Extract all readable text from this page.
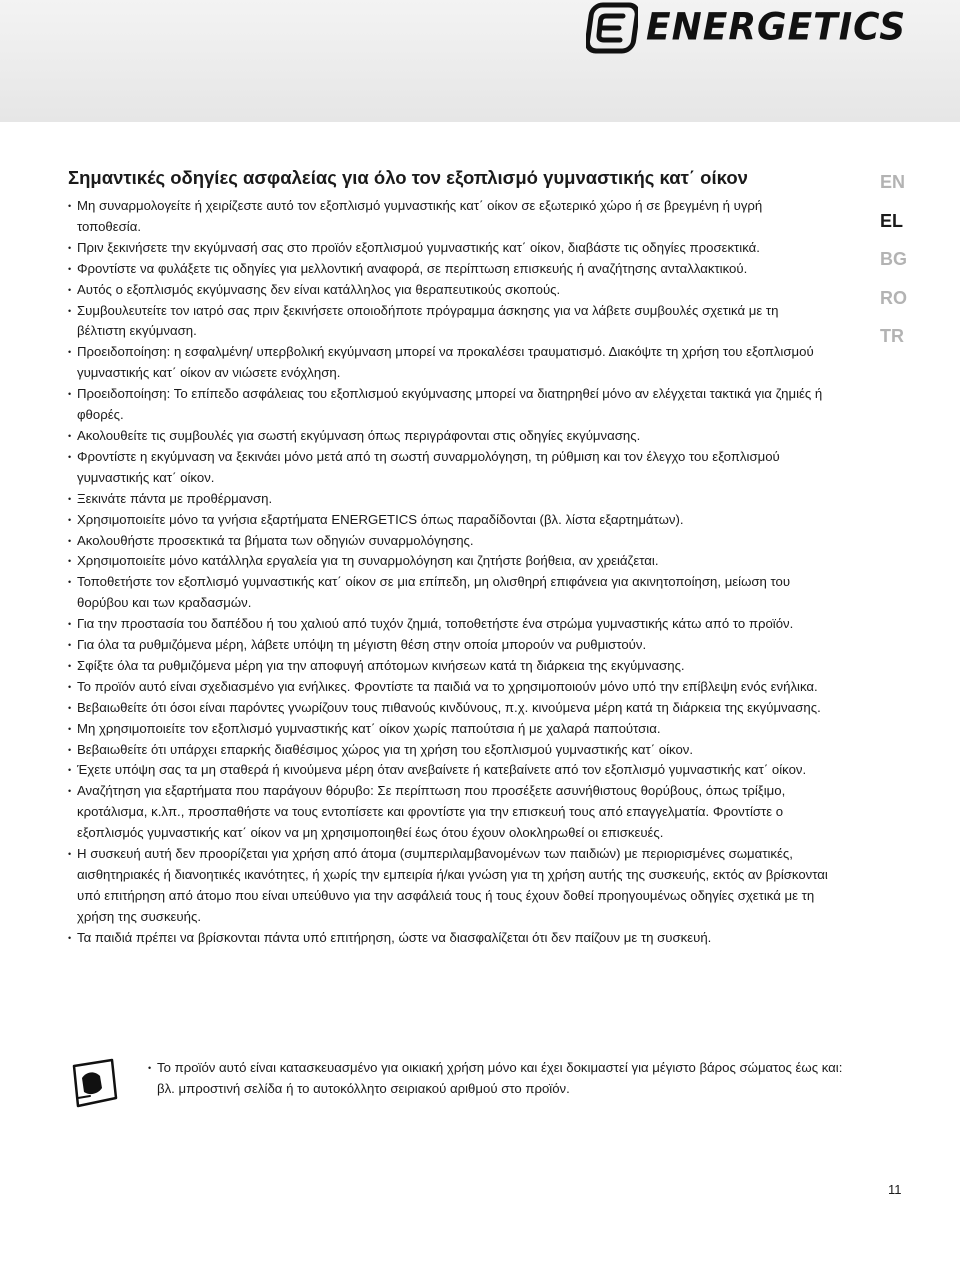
ENERGETICS
Σημαντικές οδηγίες ασφαλείας για όλο τον εξοπλισμό γυμναστικής κατ΄ οίκον
• Μη συναρμολογείτε ή χειρίζεστε αυτό τον εξοπλισμό γυμναστικής κατ΄ οίκον σε εξωτερικό χώρο ή σε βρεγμένη ή υγρή τοποθεσία.
• Πριν ξεκινήσετε την εκγύμνασή σας στο προϊόν εξοπλισμού γυμναστικής κατ΄ οίκον, διαβάστε τις οδηγίες προσεκτικά.
• Φροντίστε να φυλάξετε τις οδηγίες για μελλοντική αναφορά, σε περίπτωση επισκευής ή αναζήτησης ανταλλακτικού.
• Αυτός ο εξοπλισμός εκγύμνασης δεν είναι κατάλληλος για θεραπευτικούς σκοπούς.
• Συμβουλευτείτε τον ιατρό σας πριν ξεκινήσετε οποιοδήποτε πρόγραμμα άσκησης για να λάβετε συμβουλές σχετικά με τη βέλτιστη εκγύμναση.
• Προειδοποίηση: η εσφαλμένη/ υπερβολική εκγύμναση μπορεί να προκαλέσει τραυματισμό. Διακόψτε τη χρήση του εξοπλισμού γυμναστικής κατ΄ οίκον αν νιώσετε ενόχληση.
• Προειδοποίηση: Το επίπεδο ασφάλειας του εξοπλισμού εκγύμνασης μπορεί να διατηρηθεί μόνο αν ελέγχεται τακτικά για ζημιές ή φθορές.
• Ακολουθείτε τις συμβουλές για σωστή εκγύμναση όπως περιγράφονται στις οδηγίες εκγύμνασης.
• Φροντίστε η εκγύμναση να ξεκινάει μόνο μετά από τη σωστή συναρμολόγηση, τη ρύθμιση και τον έλεγχο του εξοπλισμού γυμναστικής κατ΄ οίκον.
• Ξεκινάτε πάντα με προθέρμανση.
• Χρησιμοποιείτε μόνο τα γνήσια εξαρτήματα ENERGETICS όπως παραδίδονται (βλ. λίστα εξαρτημάτων).
• Ακολουθήστε προσεκτικά τα βήματα των οδηγιών συναρμολόγησης.
• Χρησιμοποιείτε μόνο κατάλληλα εργαλεία για τη συναρμολόγηση και ζητήστε βοήθεια, αν χρειάζεται.
• Τοποθετήστε τον εξοπλισμό γυμναστικής κατ΄ οίκον σε μια επίπεδη, μη ολισθηρή επιφάνεια για ακινητοποίηση, μείωση του θορύβου και των κραδασμών.
• Για την προστασία του δαπέδου ή του χαλιού από τυχόν ζημιά, τοποθετήστε ένα στρώμα γυμναστικής κάτω από το προϊόν.
• Για όλα τα ρυθμιζόμενα μέρη, λάβετε υπόψη τη μέγιστη θέση στην οποία μπορούν να ρυθμιστούν.
• Σφίξτε όλα τα ρυθμιζόμενα μέρη για την αποφυγή απότομων κινήσεων κατά τη διάρκεια της εκγύμνασης.
• Το προϊόν αυτό είναι σχεδιασμένο για ενήλικες. Φροντίστε τα παιδιά να το χρησιμοποιούν μόνο υπό την επίβλεψη ενός ενήλικα.
• Βεβαιωθείτε ότι όσοι είναι παρόντες γνωρίζουν τους πιθανούς κινδύνους, π.χ. κινούμενα μέρη κατά τη διάρκεια της εκγύμνασης.
• Μη χρησιμοποιείτε τον εξοπλισμό γυμναστικής κατ΄ οίκον χωρίς παπούτσια ή με χαλαρά παπούτσια.
• Βεβαιωθείτε ότι υπάρχει επαρκής διαθέσιμος χώρος για τη χρήση του εξοπλισμού γυμναστικής κατ΄ οίκον.
• Έχετε υπόψη σας τα μη σταθερά ή κινούμενα μέρη όταν ανεβαίνετε ή κατεβαίνετε από τον εξοπλισμό γυμναστικής κατ΄ οίκον.
• Αναζήτηση για εξαρτήματα που παράγουν θόρυβο: Σε περίπτωση που προσέξετε ασυνήθιστους θορύβους, όπως τρίξιμο, κροτάλισμα, κ.λπ., προσπαθήστε να τους εντοπίσετε και φροντίστε για την επισκευή τους από επαγγελματία. Φροντίστε ο εξοπλισμός γυμναστικής κατ΄ οίκον να μη χρησιμοποιηθεί έως ότου έχουν ολοκληρωθεί οι επισκευές.
• Η συσκευή αυτή δεν προορίζεται για χρήση από άτομα (συμπεριλαμβανομένων των παιδιών) με περιορισμένες σωματικές, αισθητηριακές ή διανοητικές ικανότητες, ή χωρίς την εμπειρία ή/και γνώση για τη χρήση αυτής της συσκευής, εκτός αν βρίσκονται υπό επιτήρηση από άτομο που είναι υπεύθυνο για την ασφάλειά τους ή τους έχουν δοθεί προηγουμένως οδηγίες σχετικά με τη χρήση της συσκευής.
• Τα παιδιά πρέπει να βρίσκονται πάντα υπό επιτήρηση, ώστε να διασφαλίζεται ότι δεν παίζουν με τη συσκευή.
EN
EL
BG
RO
TR
• Το προϊόν αυτό είναι κατασκευασμένο για οικιακή χρήση μόνο και έχει δοκιμαστεί για μέγιστο βάρος σώματος έως και: βλ. μπροστινή σελίδα ή το αυτοκόλλητο σειριακού αριθμού στο προϊόν.
11
